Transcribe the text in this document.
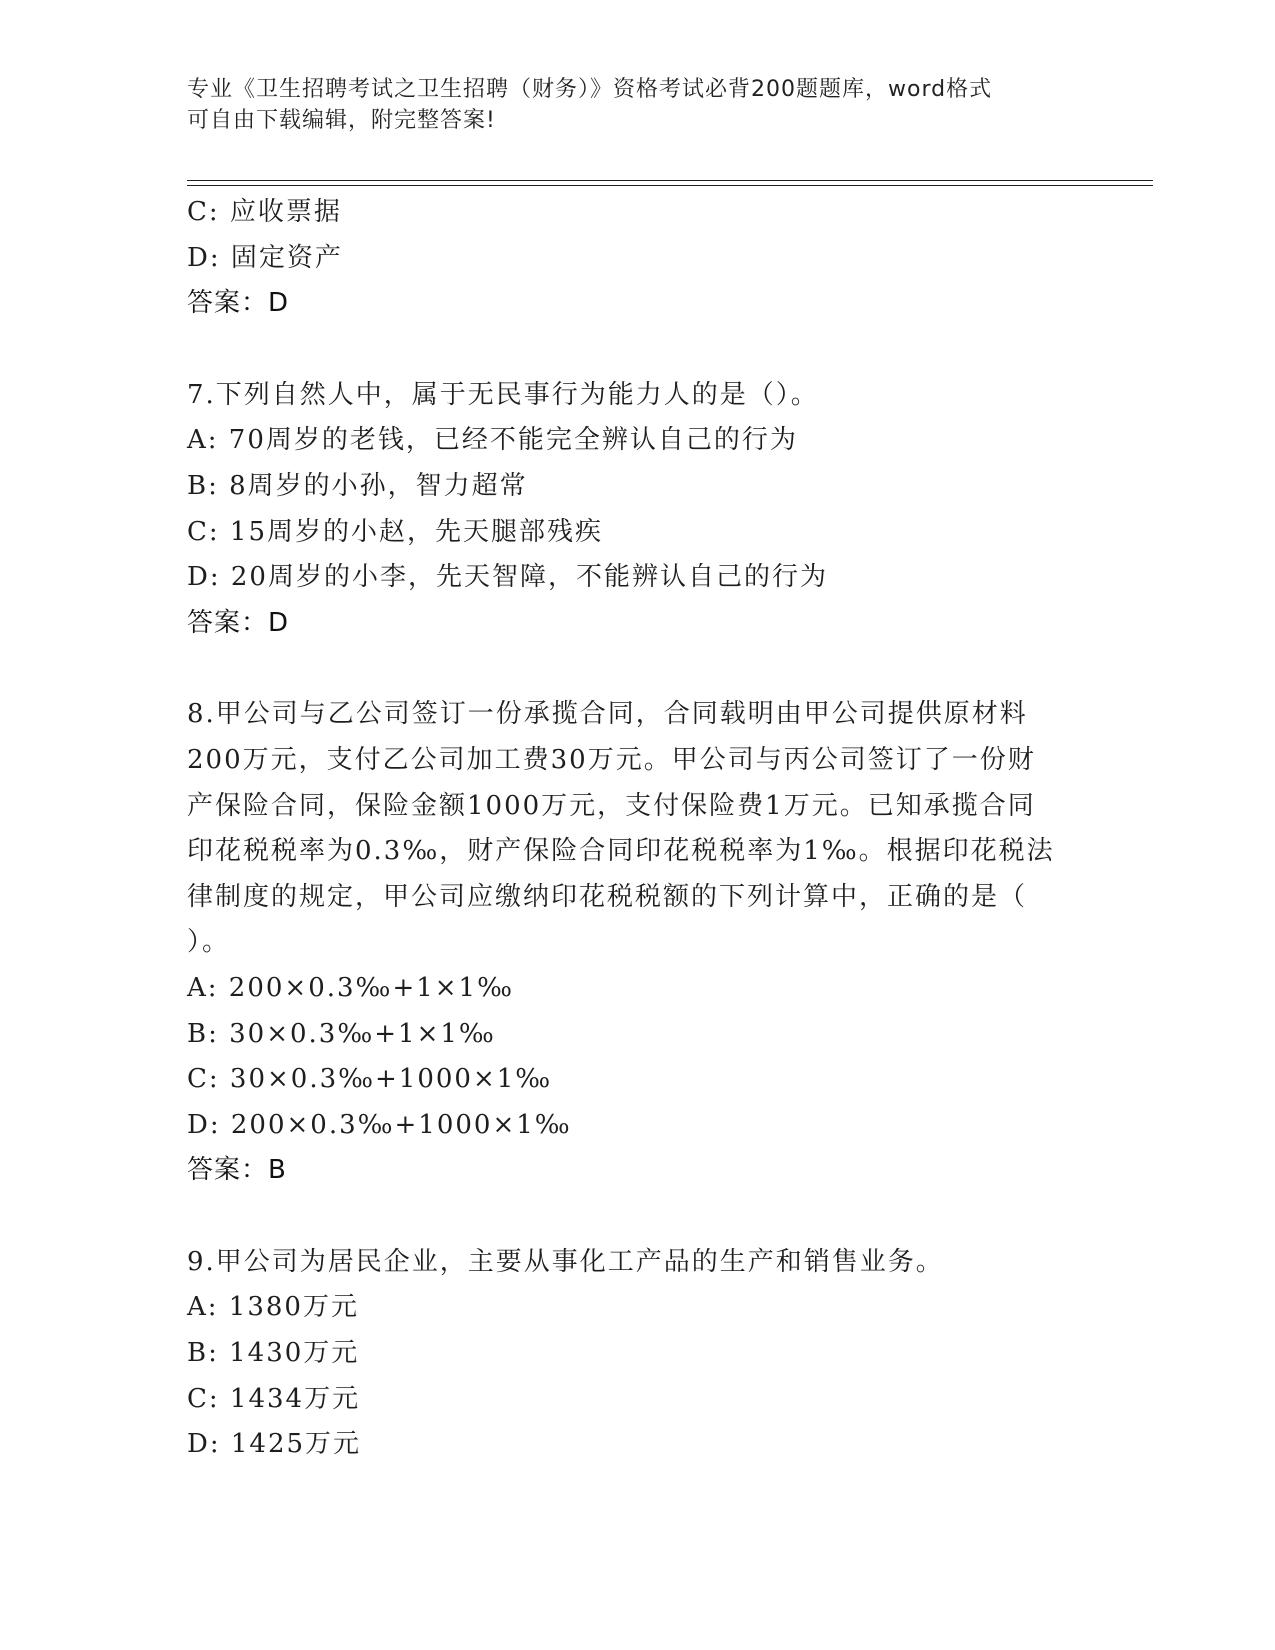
专业《卫生招聘考试之卫生招聘（财务）》资格考试必背200题题库，word格式
可自由下载编辑，附完整答案!
C: 应收票据
D: 固定资产
答案：D
7.下列自然人中，属于无民事行为能力人的是（）。
A: 70周岁的老钱，已经不能完全辨认自己的行为
B: 8周岁的小孙，智力超常
C: 15周岁的小赵，先天腿部残疾
D: 20周岁的小李，先天智障，不能辨认自己的行为
答案：D
8.甲公司与乙公司签订一份承揽合同，合同载明由甲公司提供原材料
200万元，支付乙公司加工费30万元。甲公司与丙公司签订了一份财
产保险合同，保险金额1000万元，支付保险费1万元。已知承揽合同
印花税税率为0.3‰，财产保险合同印花税税率为1‰。根据印花税法
律制度的规定，甲公司应缴纳印花税税额的下列计算中，正确的是（
）。
A: 200×0.3‰+1×1‰
B: 30×0.3‰+1×1‰
C: 30×0.3‰+1000×1‰
D: 200×0.3‰+1000×1‰
答案：B
9.甲公司为居民企业，主要从事化工产品的生产和销售业务。
A: 1380万元
B: 1430万元
C: 1434万元
D: 1425万元
